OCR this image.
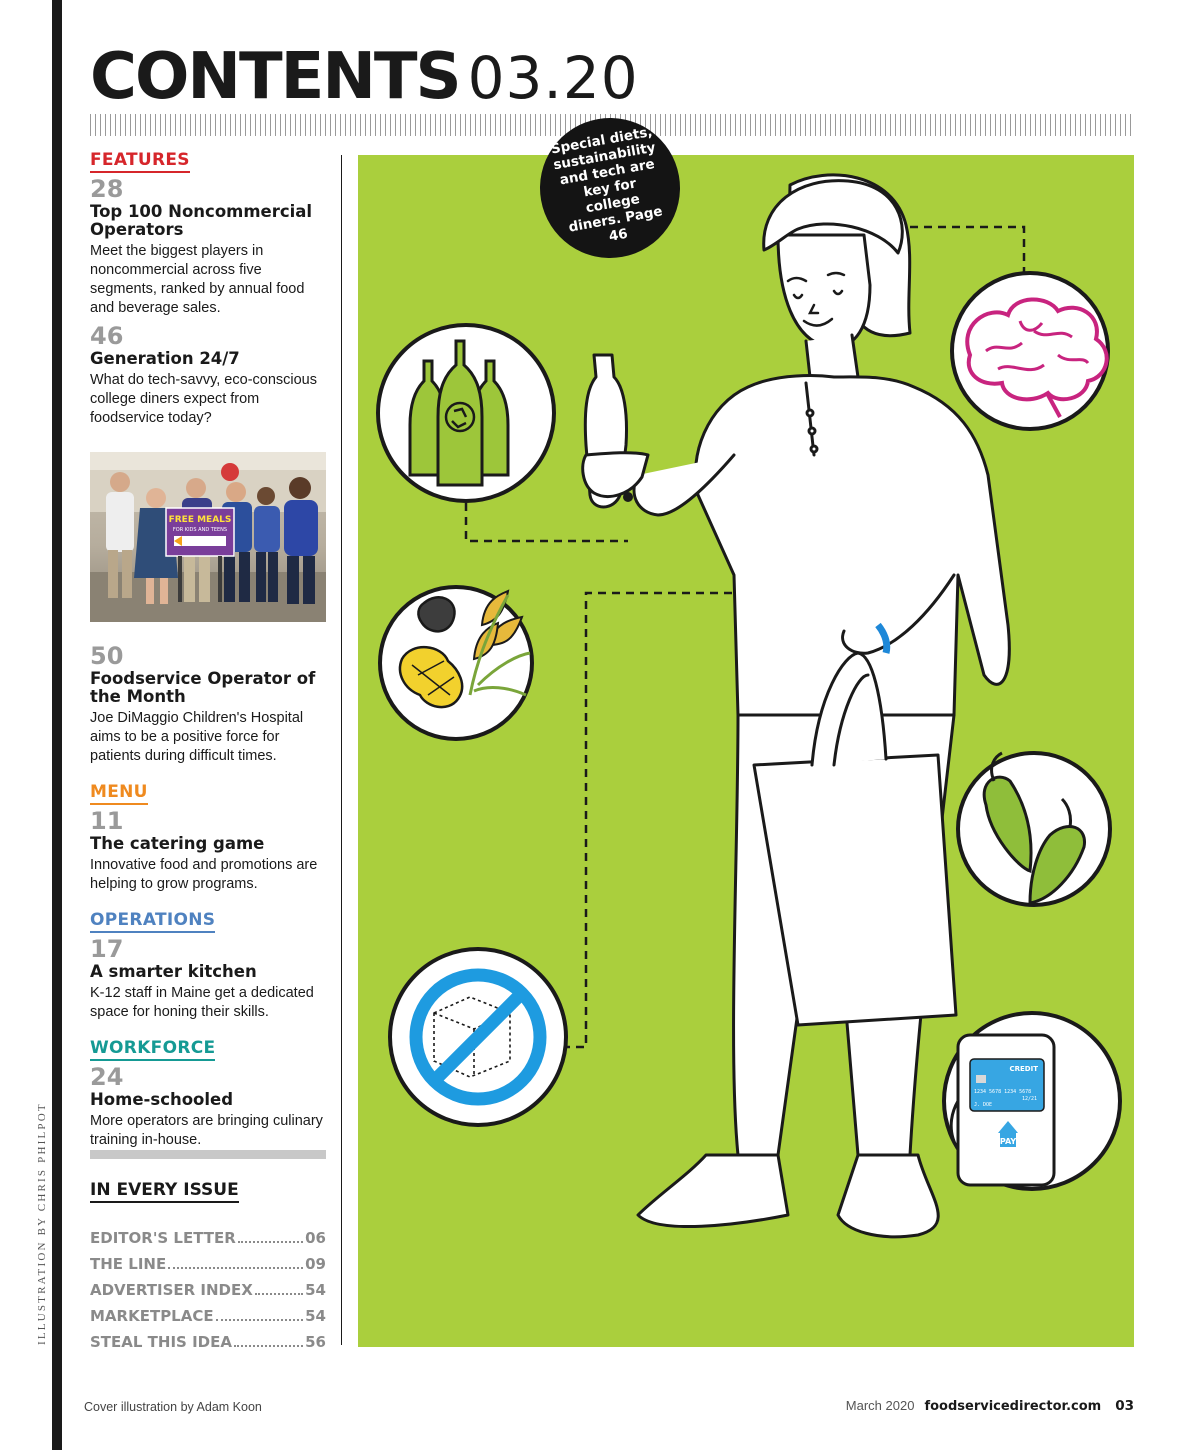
ILLUSTRATION BY CHRIS PHILPOT
CONTENTS 03.20
FEATURES
28
Top 100 Noncommercial Operators
Meet the biggest players in noncommercial across five segments, ranked by annual food and beverage sales.
46
Generation 24/7
What do tech-savvy, eco-conscious college diners expect from foodservice today?
50
Foodservice Operator of the Month
Joe DiMaggio Children's Hospital aims to be a positive force for patients during difficult times.
MENU
11
The catering game
Innovative food and promotions are helping to grow programs.
OPERATIONS
17
A smarter kitchen
K-12 staff in Maine get a dedicated space for honing their skills.
WORKFORCE
24
Home-schooled
More operators are bringing culinary training in-house.
FREE MEALS
FOR KIDS AND TEENS
IN EVERY ISSUE
EDITOR'S LETTER	06
THE LINE	09
ADVERTISER INDEX	54
MARKETPLACE	54
STEAL THIS IDEA	56
CREDIT
1234 5678 1234 5678
12/21
J. DOE
PAY
Special diets, sustainability and tech are key for college diners. Page 46
Cover illustration by Adam Koon	March 2020 foodservicedirector.com 03
